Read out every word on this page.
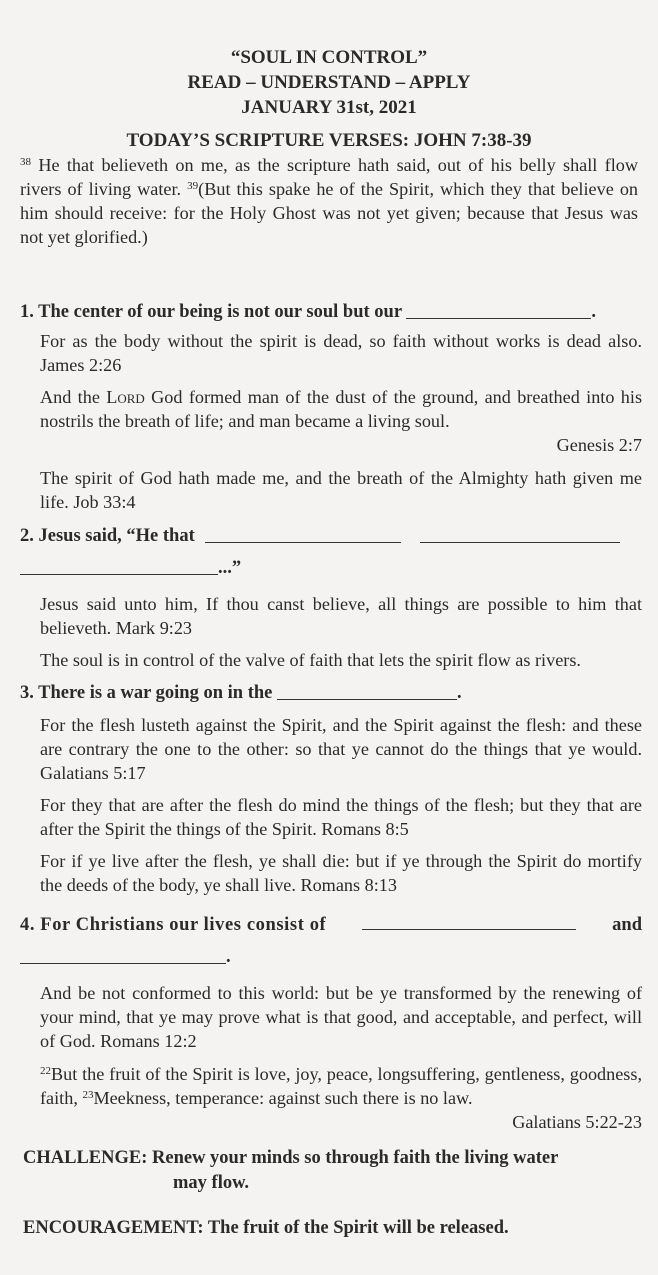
“SOUL IN CONTROL”
READ – UNDERSTAND – APPLY
JANUARY 31st, 2021
TODAY’S SCRIPTURE VERSES: JOHN 7:38-39
$^{38}$ He that believeth on me, as the scripture hath said, out of his belly shall flow rivers of living water. $^{39}$(But this spake he of the Spirit, which they that believe on him should receive: for the Holy Ghost was not yet given; because that Jesus was not yet glorified.)
1. The center of our being is not our soul but our	.
For as the body without the spirit is dead, so faith without works is dead also. James 2:26
And the Lord God formed man of the dust of the ground, and breathed into his nostrils the breath of life; and man became a living soul.
Genesis 2:7
The spirit of God hath made me, and the breath of the Almighty hath given me life. Job 33:4
2. Jesus said, “He that
...”
Jesus said unto him, If thou canst believe, all things are possible to him that believeth. Mark 9:23
The soul is in control of the valve of faith that lets the spirit flow as rivers.
3. There is a war going on in the	.
For the flesh lusteth against the Spirit, and the Spirit against the flesh: and these are contrary the one to the other: so that ye cannot do the things that ye would. Galatians 5:17
For they that are after the flesh do mind the things of the flesh; but they that are after the Spirit the things of the Spirit. Romans 8:5
For if ye live after the flesh, ye shall die: but if ye through the Spirit do mortify the deeds of the body, ye shall live. Romans 8:13
4. For Christians our lives consist of	and
.
And be not conformed to this world: but be ye transformed by the renewing of your mind, that ye may prove what is that good, and acceptable, and perfect, will of God. Romans 12:2
$^{22}$But the fruit of the Spirit is love, joy, peace, longsuffering, gentleness, goodness, faith, $^{23}$Meekness, temperance: against such there is no law.
Galatians 5:22-23
CHALLENGE: Renew your minds so through faith the living water
may flow.
ENCOURAGEMENT: The fruit of the Spirit will be released.
